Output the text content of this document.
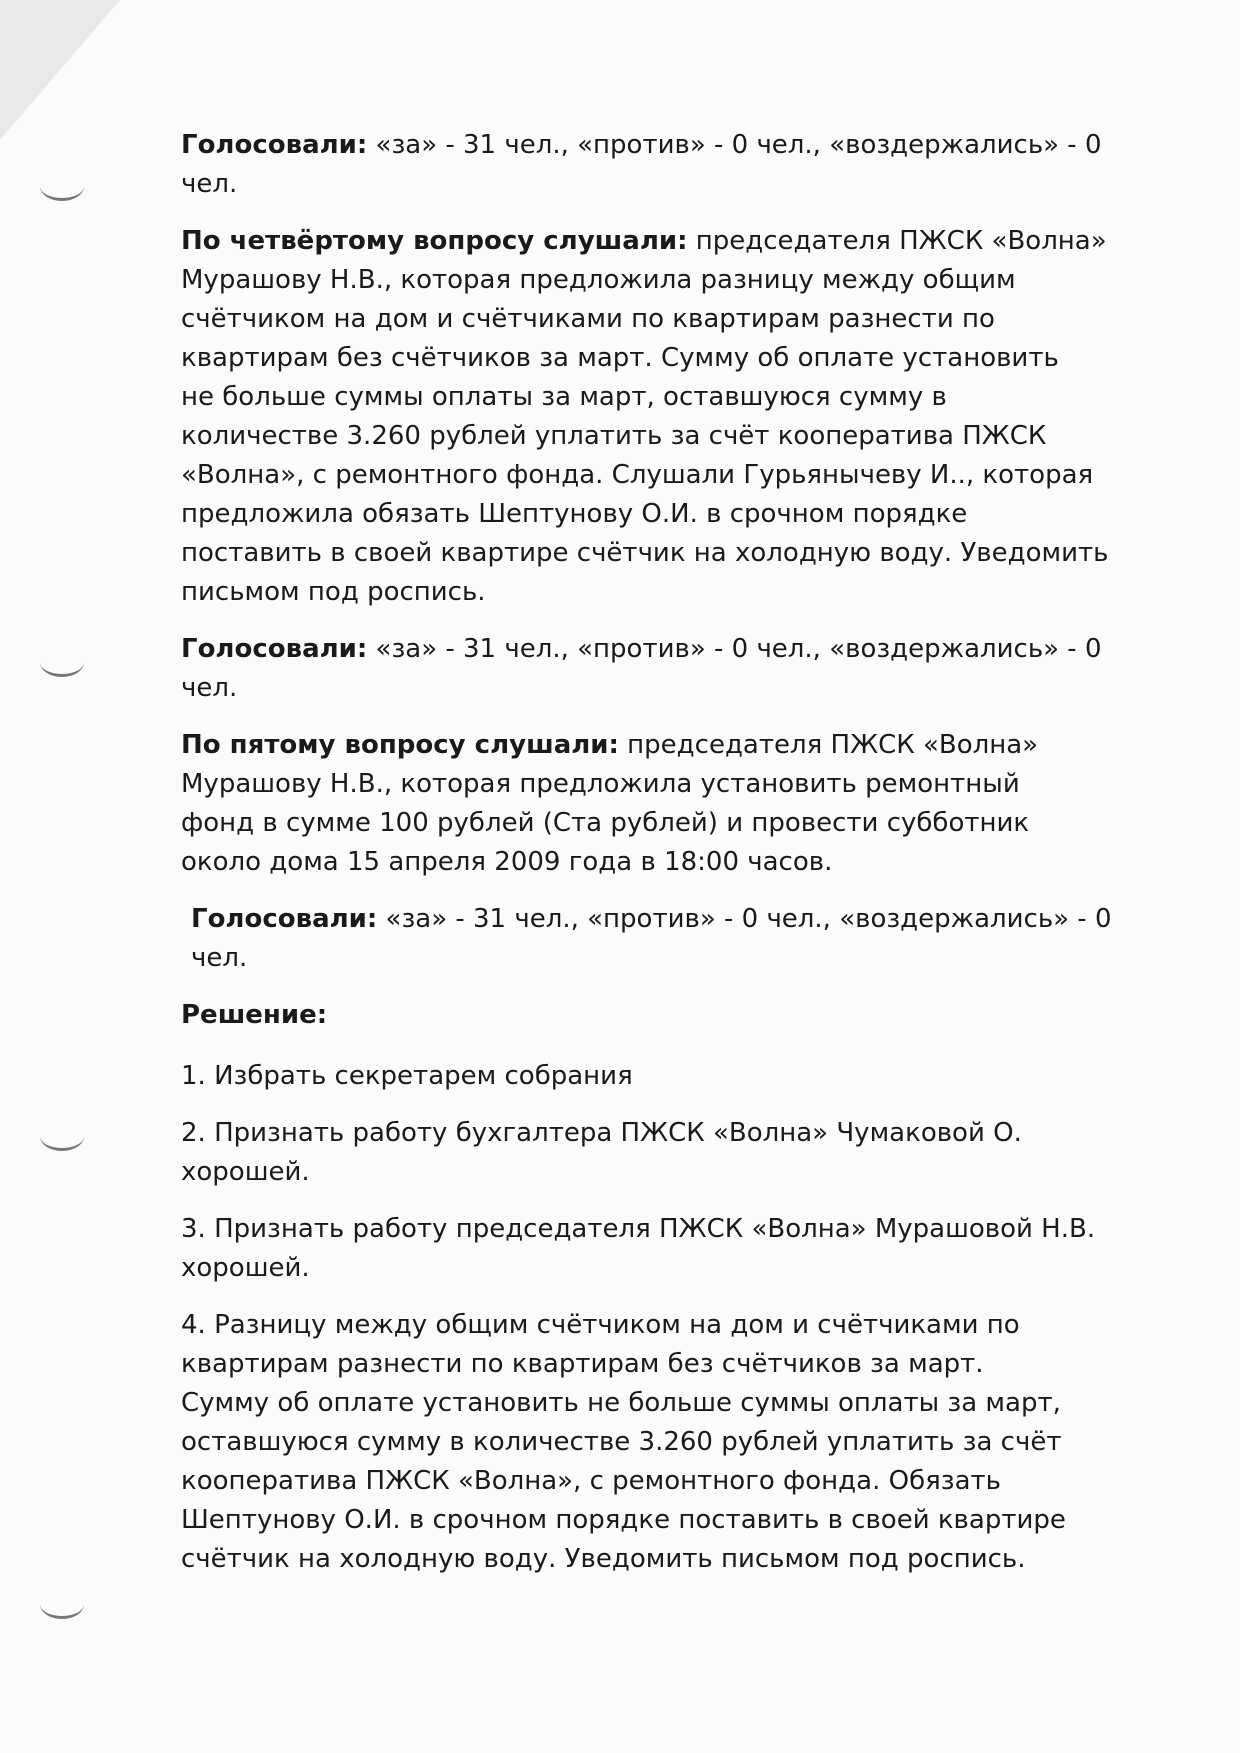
Голосовали: «за» - 31 чел., «против» - 0 чел., «воздержались» - 0 чел.
По четвёртому вопросу слушали: председателя ПЖСК «Волна»
Мурашову Н.В., которая предложила разницу между общим
счётчиком на дом и счётчиками по квартирам разнести по
квартирам без счётчиков за март. Сумму об оплате установить
не больше суммы оплаты за март, оставшуюся сумму в
количестве 3.260 рублей уплатить за счёт кооператива ПЖСК
«Волна», с ремонтного фонда. Слушали Гурьянычеву И.., которая
предложила обязать Шептунову О.И. в срочном порядке
поставить в своей квартире счётчик на холодную воду. Уведомить
письмом под роспись.
Голосовали: «за» - 31 чел., «против» - 0 чел., «воздержались» - 0 чел.
По пятому вопросу слушали: председателя ПЖСК «Волна»
Мурашову Н.В., которая предложила установить ремонтный
фонд в сумме 100 рублей (Ста рублей) и провести субботник
около дома 15 апреля 2009 года в 18:00 часов.
Голосовали: «за» - 31 чел., «против» - 0 чел., «воздержались» - 0
чел.
Решение:
1. Избрать секретарем собрания
2. Признать работу бухгалтера ПЖСК «Волна» Чумаковой О.
хорошей.
3. Признать работу председателя ПЖСК «Волна» Мурашовой Н.В.
хорошей.
4. Разницу между общим счётчиком на дом и счётчиками по
квартирам разнести по квартирам без счётчиков за март.
Сумму об оплате установить не больше суммы оплаты за март,
оставшуюся сумму в количестве 3.260 рублей уплатить за счёт
кооператива ПЖСК «Волна», с ремонтного фонда. Обязать
Шептунову О.И. в срочном порядке поставить в своей квартире
счётчик на холодную воду. Уведомить письмом под роспись.
